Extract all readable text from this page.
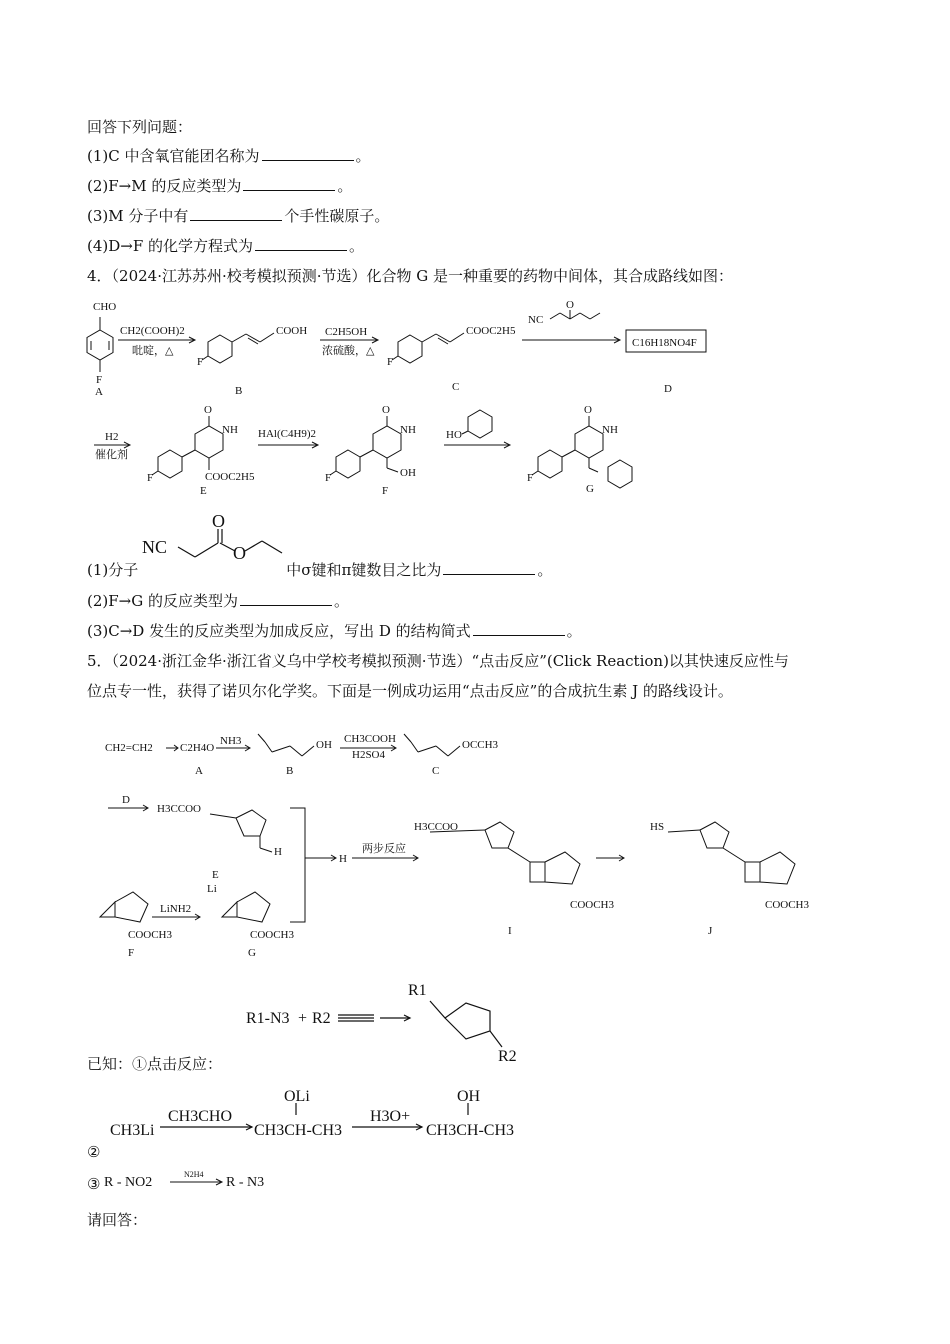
回答下列问题：
(1)C 中含氧官能团名称为	。
(2)F→M 的反应类型为	。
(3)M 分子中有	个手性碳原子。
(4)D→F 的化学方程式为	。
4．（2024·江苏苏州·校考模拟预测·节选）化合物 G 是一种重要的药物中间体，其合成路线如图：
CHO
F
A
CH2(COOH)2
吡啶，△
F
COOH
B
C2H5OH
浓硫酸，△
F
COOC2H5
C
NC
O
C16H18NO4F
D
H2
催化剂
F
O
NH
COOC2H5
E
HAl(C4H9)2
F
O
NH
OH
F
HO
F
O
NH
G
NC
O
O
(1)分子	中σ键和π键数目之比为	。
(2)F→G 的反应类型为	。
(3)C→D 发生的反应类型为加成反应，写出 D 的结构简式	。
5．（2024·浙江金华·浙江省义乌中学校考模拟预测·节选）“点击反应”(Click Reaction)以其快速反应性与
位点专一性，获得了诺贝尔化学奖。下面是一例成功运用“点击反应”的合成抗生素 J 的路线设计。
CH2=CH2 C2H4O
NH3
A
OH
B
CH3COOH
H2SO4
OCCH3
C
D
H3CCOO
H
E
H
两步反应
LiNH2
Li
COOCH3	COOCH3
F	G
H3CCOO
COOCH3
I
HS
COOCH3
J
R1-N3 + R2
R1
R2
已知：①点击反应：
CH3Li
CH3CHO
OLi
CH3CH-CH3
H3O+
OH
CH3CH-CH3
②
③ R - NO2
N2H4
R - N3
请回答：
